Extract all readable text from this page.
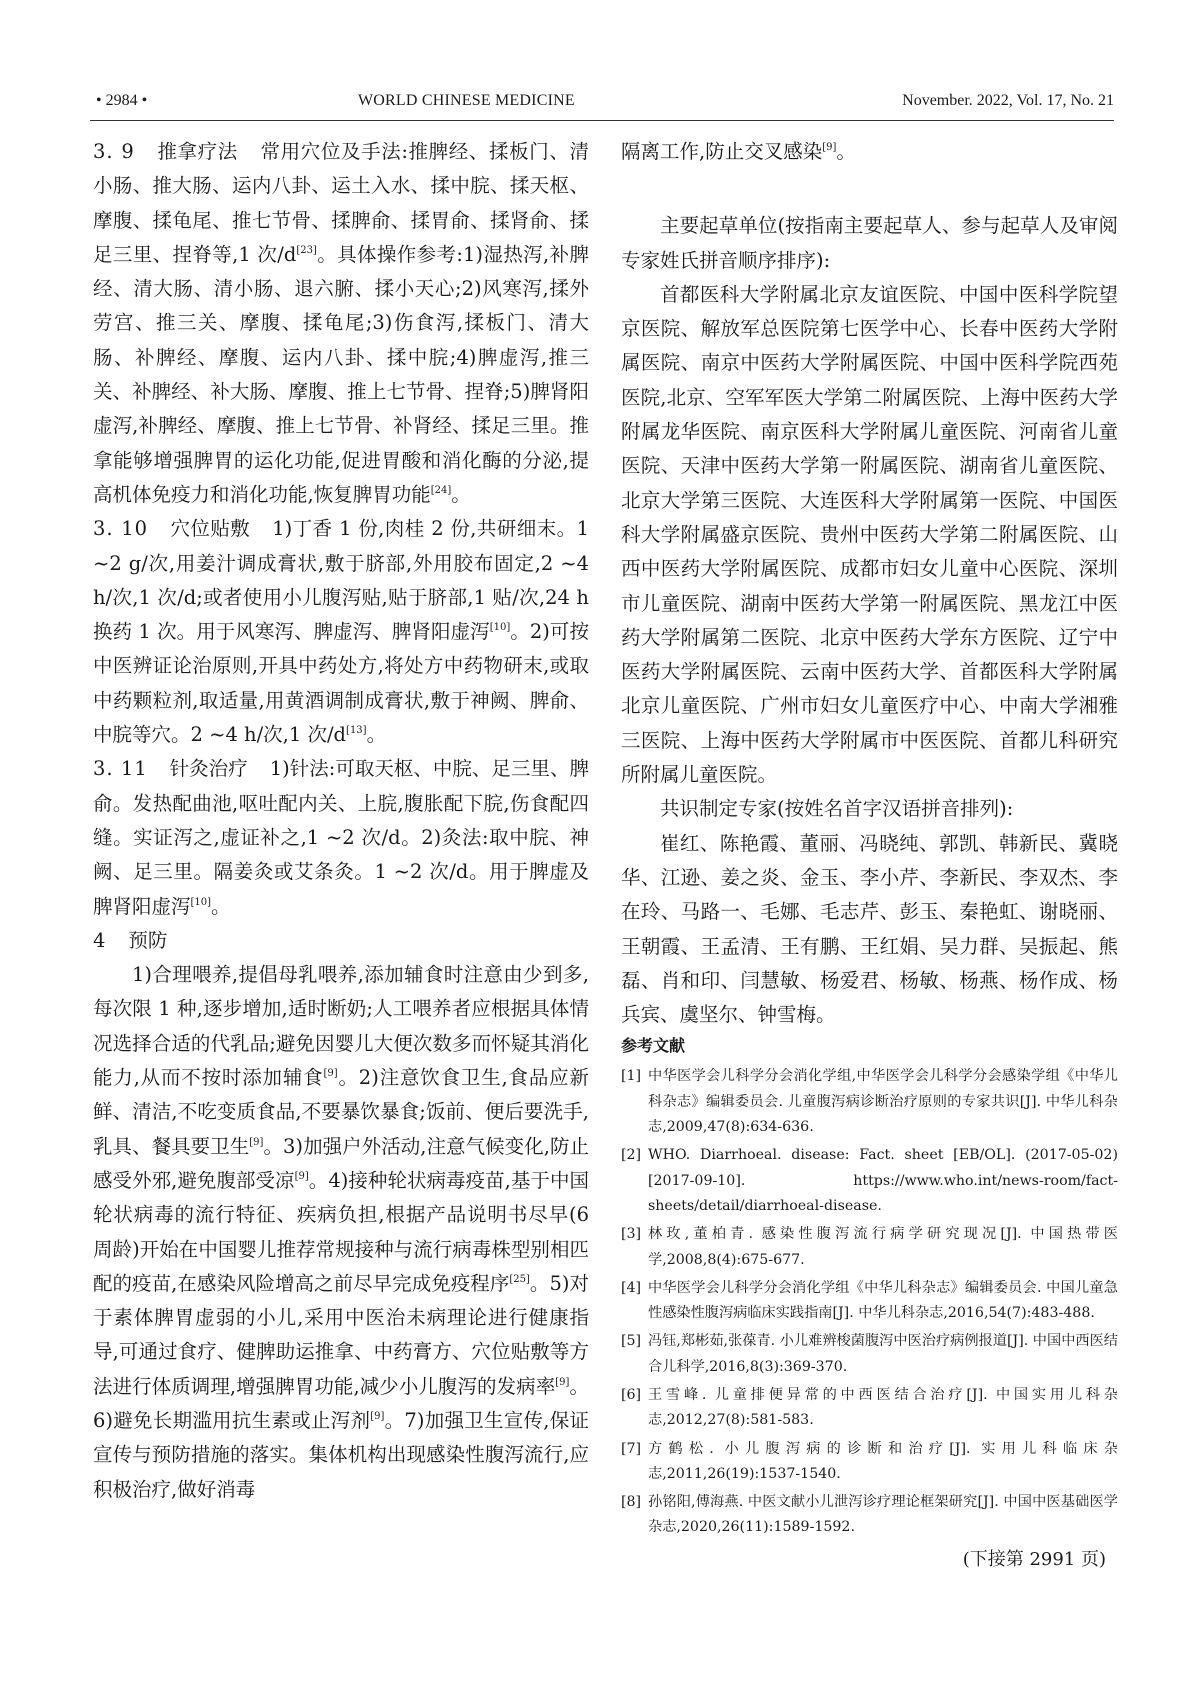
• 2984 •	WORLD CHINESE MEDICINE	November. 2022, Vol. 17, No. 21

3. 9 推拿疗法 常用穴位及手法:推脾经、揉板门、清小肠、推大肠、运内八卦、运土入水、揉中脘、揉天枢、摩腹、揉龟尾、推七节骨、揉脾俞、揉胃俞、揉肾俞、揉足三里、捏脊等,1 次/d[23]。具体操作参考:1)湿热泻,补脾经、清大肠、清小肠、退六腑、揉小天心;2)风寒泻,揉外劳宫、推三关、摩腹、揉龟尾;3)伤食泻,揉板门、清大肠、补脾经、摩腹、运内八卦、揉中脘;4)脾虚泻,推三关、补脾经、补大肠、摩腹、推上七节骨、捏脊;5)脾肾阳虚泻,补脾经、摩腹、推上七节骨、补肾经、揉足三里。推拿能够增强脾胃的运化功能,促进胃酸和消化酶的分泌,提高机体免疫力和消化功能,恢复脾胃功能[24]。

3. 10 穴位贴敷 1)丁香 1 份,肉桂 2 份,共研细末。1 ~2 g/次,用姜汁调成膏状,敷于脐部,外用胶布固定,2 ~4 h/次,1 次/d;或者使用小儿腹泻贴,贴于脐部,1 贴/次,24 h 换药 1 次。用于风寒泻、脾虚泻、脾肾阳虚泻[10]。2)可按中医辨证论治原则,开具中药处方,将处方中药物研末,或取中药颗粒剂,取适量,用黄酒调制成膏状,敷于神阙、脾俞、中脘等穴。2 ~4 h/次,1 次/d[13]。

3. 11 针灸治疗 1)针法:可取天枢、中脘、足三里、脾俞。发热配曲池,呕吐配内关、上脘,腹胀配下脘,伤食配四缝。实证泻之,虚证补之,1 ~2 次/d。2)灸法:取中脘、神阙、足三里。隔姜灸或艾条灸。1 ~2 次/d。用于脾虚及脾肾阳虚泻[10]。

4 预防

1)合理喂养,提倡母乳喂养,添加辅食时注意由少到多,每次限 1 种,逐步增加,适时断奶;人工喂养者应根据具体情况选择合适的代乳品;避免因婴儿大便次数多而怀疑其消化能力,从而不按时添加辅食[9]。2)注意饮食卫生,食品应新鲜、清洁,不吃变质食品,不要暴饮暴食;饭前、便后要洗手,乳具、餐具要卫生[9]。3)加强户外活动,注意气候变化,防止感受外邪,避免腹部受凉[9]。4)接种轮状病毒疫苗,基于中国轮状病毒的流行特征、疾病负担,根据产品说明书尽早(6 周龄)开始在中国婴儿推荐常规接种与流行病毒株型别相匹配的疫苗,在感染风险增高之前尽早完成免疫程序[25]。5)对于素体脾胃虚弱的小儿,采用中医治未病理论进行健康指导,可通过食疗、健脾助运推拿、中药膏方、穴位贴敷等方法进行体质调理,增强脾胃功能,减少小儿腹泻的发病率[9]。6)避免长期滥用抗生素或止泻剂[9]。7)加强卫生宣传,保证宣传与预防措施的落实。集体机构出现感染性腹泻流行,应积极治疗,做好消毒

隔离工作,防止交叉感染[9]。

主要起草单位(按指南主要起草人、参与起草人及审阅专家姓氏拼音顺序排序):

首都医科大学附属北京友谊医院、中国中医科学院望京医院、解放军总医院第七医学中心、长春中医药大学附属医院、南京中医药大学附属医院、中国中医科学院西苑医院,北京、空军军医大学第二附属医院、上海中医药大学附属龙华医院、南京医科大学附属儿童医院、河南省儿童医院、天津中医药大学第一附属医院、湖南省儿童医院、北京大学第三医院、大连医科大学附属第一医院、中国医科大学附属盛京医院、贵州中医药大学第二附属医院、山西中医药大学附属医院、成都市妇女儿童中心医院、深圳市儿童医院、湖南中医药大学第一附属医院、黑龙江中医药大学附属第二医院、北京中医药大学东方医院、辽宁中医药大学附属医院、云南中医药大学、首都医科大学附属北京儿童医院、广州市妇女儿童医疗中心、中南大学湘雅三医院、上海中医药大学附属市中医医院、首都儿科研究所附属儿童医院。

共识制定专家(按姓名首字汉语拼音排列):

崔红、陈艳霞、董丽、冯晓纯、郭凯、韩新民、冀晓华、江逊、姜之炎、金玉、李小芹、李新民、李双杰、李在玲、马路一、毛娜、毛志芹、彭玉、秦艳虹、谢晓丽、王朝霞、王孟清、王有鹏、王红娟、吴力群、吴振起、熊磊、肖和印、闫慧敏、杨爱君、杨敏、杨燕、杨作成、杨兵宾、虞坚尔、钟雪梅。

参考文献
[1] 中华医学会儿科学分会消化学组,中华医学会儿科学分会感染学组《中华儿科杂志》编辑委员会. 儿童腹泻病诊断治疗原则的专家共识[J]. 中华儿科杂志,2009,47(8):634-636.
[2] WHO. Diarrhoeal. disease: Fact. sheet [EB/OL]. (2017-05-02)[2017-09-10]. https://www.who.int/news-room/fact-sheets/detail/diarrhoeal-disease.
[3] 林玫,董柏青. 感染性腹泻流行病学研究现况[J]. 中国热带医学,2008,8(4):675-677.
[4] 中华医学会儿科学分会消化学组《中华儿科杂志》编辑委员会. 中国儿童急性感染性腹泻病临床实践指南[J]. 中华儿科杂志,2016,54(7):483-488.
[5] 冯钰,郑彬茹,张葆青. 小儿难辨梭菌腹泻中医治疗病例报道[J]. 中国中西医结合儿科学,2016,8(3):369-370.
[6] 王雪峰. 儿童排便异常的中西医结合治疗[J]. 中国实用儿科杂志,2012,27(8):581-583.
[7] 方鹤松. 小儿腹泻病的诊断和治疗[J]. 实用儿科临床杂志,2011,26(19):1537-1540.
[8] 孙铭阳,傅海燕. 中医文献小儿泄泻诊疗理论框架研究[J]. 中国中医基础医学杂志,2020,26(11):1589-1592.
(下接第 2991 页)
